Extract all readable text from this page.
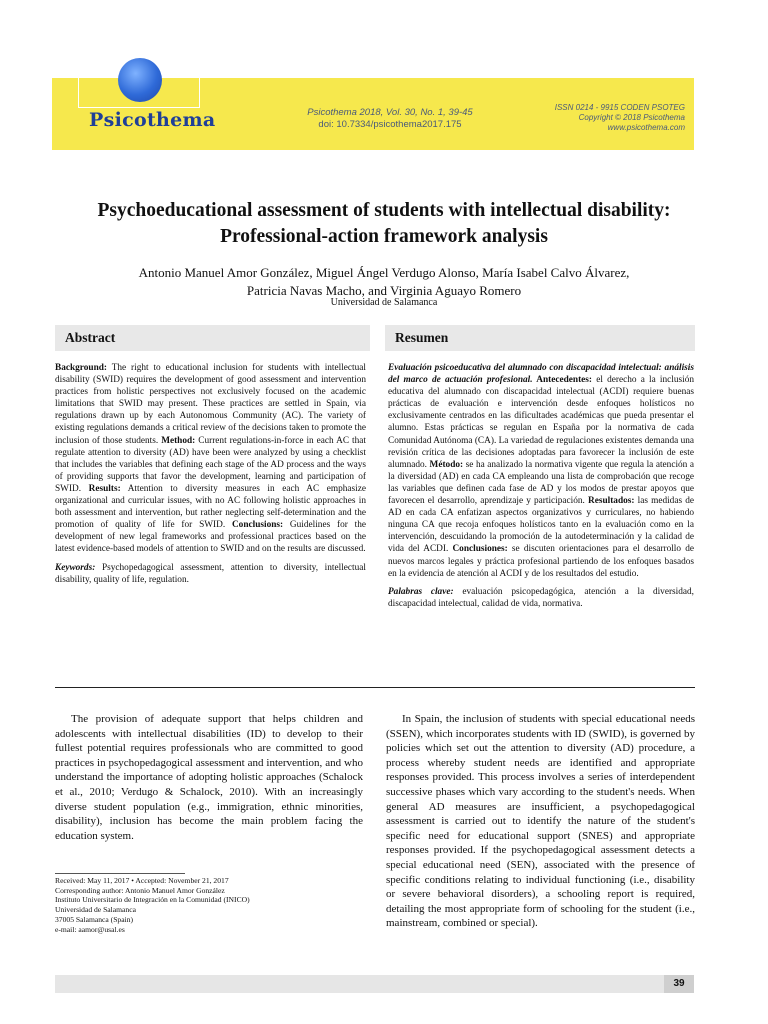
Psicothema	Psicothema 2018, Vol. 30, No. 1, 39-45
doi: 10.7334/psicothema2017.175
ISSN 0214 - 9915 CODEN PSOTEG
Copyright © 2018 Psicothema
www.psicothema.com
Psychoeducational assessment of students with intellectual disability:
Professional-action framework analysis
Antonio Manuel Amor González, Miguel Ángel Verdugo Alonso, María Isabel Calvo Álvarez,
Patricia Navas Macho, and Virginia Aguayo Romero
Universidad de Salamanca
Abstract

Background: The right to educational inclusion for students with intellectual disability (SWID) requires the development of good assessment and intervention practices from holistic perspectives not exclusively focused on the academic limitations that SWID may present. These practices are settled in Spain, via regulations drawn up by each Autonomous Community (AC). The variety of existing regulations demands a critical review of the decisions taken to promote the inclusion of those students. Method: Current regulations-in-force in each AC that regulate attention to diversity (AD) have been were analyzed by using a checklist that includes the variables that defining each stage of the AD process and the ways of providing supports that favor the development, learning and participation of SWID. Results: Attention to diversity measures in each AC emphasize organizational and curricular issues, with no AC following holistic approaches in both assessment and intervention, but rather neglecting self-determination and the promotion of quality of life for SWID. Conclusions: Guidelines for the development of new legal frameworks and professional practices based on the latest evidence-based models of attention to SWID and on the results are discussed.

Keywords: Psychopedagogical assessment, attention to diversity, intellectual disability, quality of life, regulation.

Resumen

Evaluación psicoeducativa del alumnado con discapacidad intelectual: análisis del marco de actuación profesional. Antecedentes: el derecho a la inclusión educativa del alumnado con discapacidad intelectual (ACDI) requiere buenas prácticas de evaluación e intervención desde enfoques holísticos no exclusivamente centrados en las dificultades académicas que pueda presentar el alumno. Estas prácticas se regulan en España por la normativa de cada Comunidad Autónoma (CA). La variedad de regulaciones existentes demanda una revisión crítica de las decisiones adoptadas para favorecer la inclusión de este alumnado. Método: se ha analizado la normativa vigente que regula la atención a la diversidad (AD) en cada CA empleando una lista de comprobación que recoge las variables que definen cada fase de AD y los modos de prestar apoyos que favorecen el desarrollo, aprendizaje y participación. Resultados: las medidas de AD en cada CA enfatizan aspectos organizativos y curriculares, no habiendo ninguna CA que recoja enfoques holísticos tanto en la evaluación como en la intervención, descuidando la promoción de la autodeterminación y la calidad de vida del ACDI. Conclusiones: se discuten orientaciones para el desarrollo de nuevos marcos legales y práctica profesional partiendo de los enfoques basados en la evidencia de atención al ACDI y de los resultados del estudio.

Palabras clave: evaluación psicopedagógica, atención a la diversidad, discapacidad intelectual, calidad de vida, normativa.

The provision of adequate support that helps children and adolescents with intellectual disabilities (ID) to develop to their fullest potential requires professionals who are committed to good practices in psychopedagogical assessment and intervention, and who understand the importance of adopting holistic approaches (Schalock et al., 2010; Verdugo & Schalock, 2010). With an increasingly diverse student population (e.g., immigration, ethnic minorities, disability), inclusion has become the main problem facing the education system.

In Spain, the inclusion of students with special educational needs (SSEN), which incorporates students with ID (SWID), is governed by policies which set out the attention to diversity (AD) procedure, a process whereby student needs are identified and appropriate responses provided. This process involves a series of interdependent successive phases which vary according to the student's needs. When general AD measures are insufficient, a psychopedagogical assessment is carried out to identify the nature of the student's specific need for educational support (SNES) and appropriate responses provided. If the psychopedagogical assessment detects a special educational need (SEN), associated with the presence of specific conditions relating to individual functioning (i.e., disability or severe behavioral disorders), a schooling report is required, detailing the most appropriate form of schooling for the student (i.e., mainstream, combined or special).

Received: May 11, 2017 • Accepted: November 21, 2017
Corresponding author: Antonio Manuel Amor González
Instituto Universitario de Integración en la Comunidad (INICO)
Universidad de Salamanca
37005 Salamanca (Spain)
e-mail: aamor@usal.es
39
